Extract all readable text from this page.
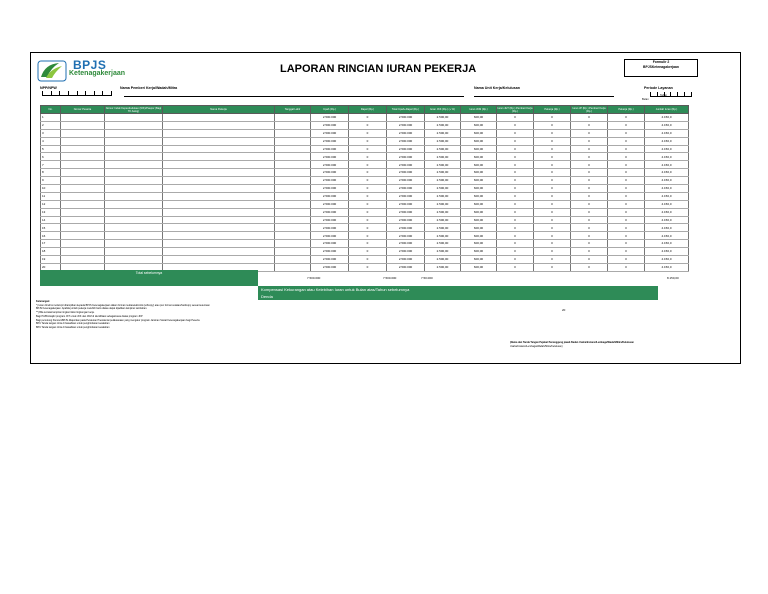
BPJS
Ketenagakerjaan	LAPORAN RINCIAN IURAN PEKERJA
Formulir 2
BPJSKetenagakerjaan
NPP/NPW	Nama Pemberi Kerja/Wadah/Mitra	Nama Unit Kerja/Kelulusan	Periode Layanan
Bulan
Tahun
No.	Nomor Peserta	Nomor Induk Kependudukan (NIK)/Paspor (Bagi TK Asing)	Nama Pekerja	Tanggal Lahir	Upah (Rp.)	Rapel (Rp.)	Total Upah+Rapel (Rp.)	Iuran JKK (Rp.) (+ %)	Iuran JKM (Rp.)	Iuran JHT (Rp.) Pemberi Kerja (Rp.)	Pekerja (Rp.)	Iuran JP (Rp.) Pemberi Kerja (Rp.)	Pekerja (Rp.)	Jumlah Iuran (Rp.)
1					2.500.000	0	2.500.000	2.500,00	600,00	0	0	0	0	4.150,0
2					2.500.000	0	2.500.000	2.500,00	600,00	0	0	0	0	4.150,0
3					2.500.000	0	2.500.000	2.500,00	600,00	0	0	0	0	4.150,0
4					2.500.000	0	2.500.000	2.500,00	600,00	0	0	0	0	4.150,0
5					2.500.000	0	2.500.000	2.500,00	600,00	0	0	0	0	4.150,0
6					2.500.000	0	2.500.000	2.500,00	600,00	0	0	0	0	4.150,0
7					2.500.000	0	2.500.000	2.500,00	600,00	0	0	0	0	4.150,0
8					2.500.000	0	2.500.000	2.500,00	600,00	0	0	0	0	4.150,0
9					2.500.000	0	2.500.000	2.500,00	600,00	0	0	0	0	4.150,0
10					2.500.000	0	2.500.000	2.500,00	600,00	0	0	0	0	4.150,0
11					2.500.000	0	2.500.000	2.500,00	600,00	0	0	0	0	4.150,0
12					2.500.000	0	2.500.000	2.500,00	600,00	0	0	0	0	4.150,0
13					2.500.000	0	2.500.000	2.500,00	600,00	0	0	0	0	4.150,0
14					2.500.000	0	2.500.000	2.500,00	600,00	0	0	0	0	4.150,0
15					2.500.000	0	2.500.000	2.500,00	600,00	0	0	0	0	4.150,0
16					2.500.000	0	2.500.000	2.500,00	600,00	0	0	0	0	4.150,0
17					2.500.000	0	2.500.000	2.500,00	600,00	0	0	0	0	4.150,0
18					2.500.000	0	2.500.000	2.500,00	600,00	0	0	0	0	4.150,0
19					2.500.000	0	2.500.000	2.500,00	600,00	0	0	0	0	4.150,0
20					2.500.000	0	2.500.000	2.500,00	600,00	0	0	0	0	4.150,0
Total sebelumnya
7.500.000	7.500.000	7.50.000	8.150,00
Kompensasi Kekurangan atau Kelebihan Iuran untuk Bulan atas/Tahun sebelumnya
Denda
Keterangan:
*) Iuran dimohon terlampir ditampilkan kepada BPJS Ketenagakerjaan dalam format media/elektronik (softcopy) atau pun format cetakan/hardcopy sesuai ketentuan
BPJS Ketenagakerjaan. Apabila jumlah pekerja melebihi baris diatas dapat dijadikan lampiran tambahan.
**) Bila tercatat lampiran tingkat risiko lingkungan kerja.
Bagi PU/BU/wajib/ program JKT untuk JKK dan JKM di identifikasi sebagaimana diatas program JKP
Bagi pemotong Pensiun/BPJS dilaporkan pada Peraturan Presidentai pelaksanaan yang mengatur program Jaminan Sosial Ketenagakerjaan bagi Peserta
BPU Tanda tangan mitra di bawahkan untuk penghindaran kesalahan
BPU Tanda tangan mitra di bawahkan untuk penghindaran kesalahan
20
(Nama dan Tanda Tangan Pejabat Penanggung jawab Badan Usaha/Instansi/Lembaga/Wadah/Mitra/Kelulusan
Usaha/Instansi/Lembaga/Wadah/Mitra/Kelulusan)
